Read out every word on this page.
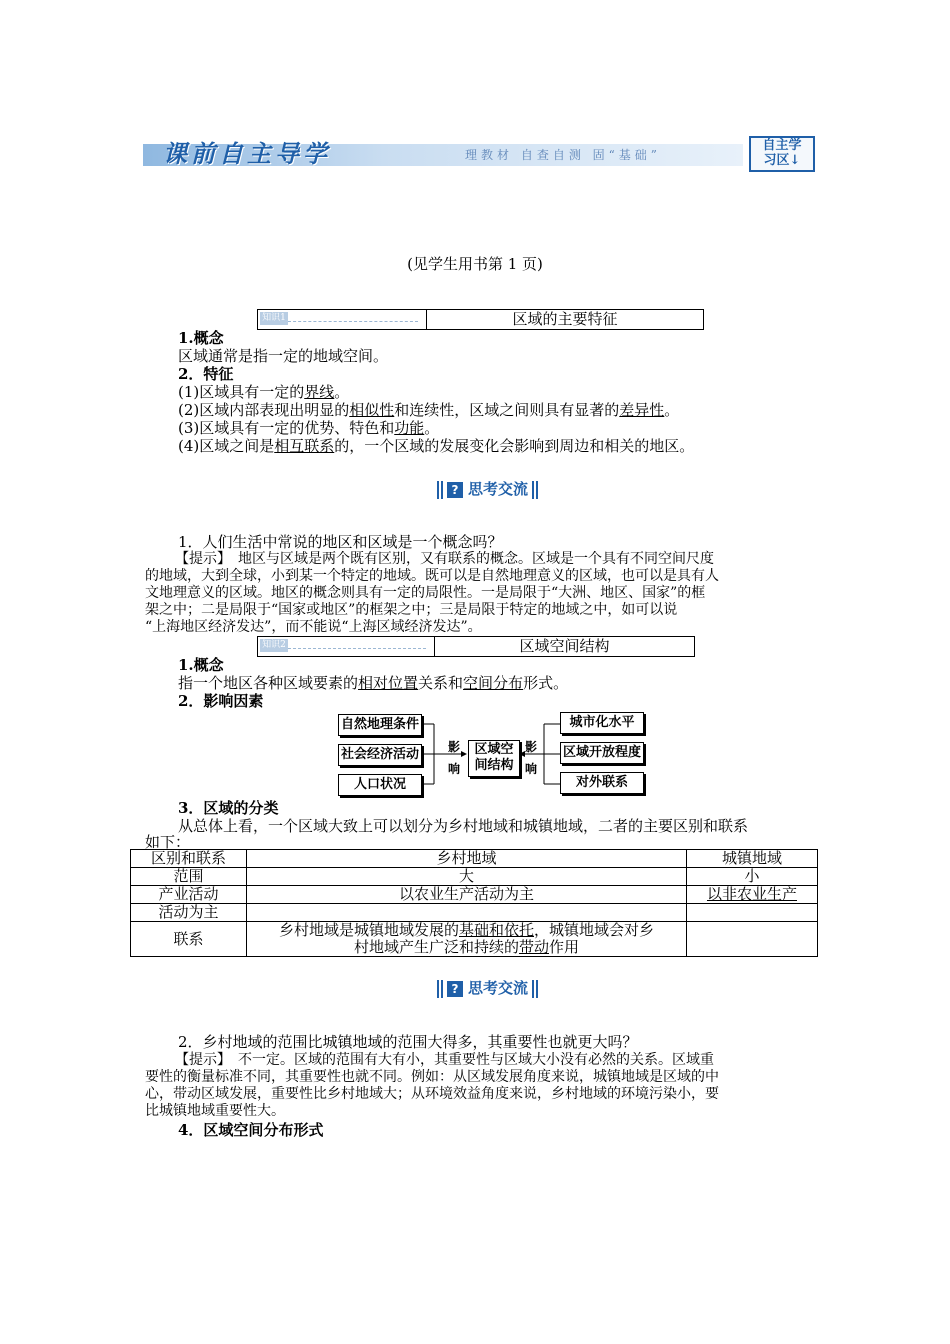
课前自主导学	理教材 自查自测 固“基础”
自主学
习区↓
(见学生用书第 1 页)
知识1	区域的主要特征
1.概念
区域通常是指一定的地域空间。
2．特征
(1)区域具有一定的界线。
(2)区域内部表现出明显的相似性和连续性，区域之间则具有显著的差异性。
(3)区域具有一定的优势、特色和功能。
(4)区域之间是相互联系的，一个区域的发展变化会影响到周边和相关的地区。
? 思考交流
1．人们生活中常说的地区和区域是一个概念吗？
【提示】　地区与区域是两个既有区别，又有联系的概念。区域是一个具有不同空间尺度
的地域，大到全球，小到某一个特定的地域。既可以是自然地理意义的区域，也可以是具有人
文地理意义的区域。地区的概念则具有一定的局限性。一是局限于“大洲、地区、国家”的框
架之中；二是局限于“国家或地区”的框架之中；三是局限于特定的地域之中，如可以说
“上海地区经济发达”，而不能说“上海区域经济发达”。
知识2	区域空间结构
1.概念
指一个地区各种区域要素的相对位置关系和空间分布形式。
2．影响因素
自然地理条件
社会经济活动
人口状况
影
响
区域空
间结构
影
响
城市化水平
区域开放程度
对外联系
3．区域的分类
从总体上看，一个区域大致上可以划分为乡村地域和城镇地域，二者的主要区别和联系
如下：
区别和联系	乡村地域	城镇地域
范围	大	小
产业活动	以农业生产活动为主	以非农业生产
活动为主		
联系	乡村地域是城镇地域发展的基础和依托，城镇地域会对乡
村地域产生广泛和持续的带动作用	

? 思考交流
2．乡村地域的范围比城镇地域的范围大得多，其重要性也就更大吗？
【提示】　不一定。区域的范围有大有小，其重要性与区域大小没有必然的关系。区域重
要性的衡量标准不同，其重要性也就不同。例如：从区域发展角度来说，城镇地域是区域的中
心，带动区域发展，重要性比乡村地域大；从环境效益角度来说，乡村地域的环境污染小，要
比城镇地域重要性大。
4．区域空间分布形式
